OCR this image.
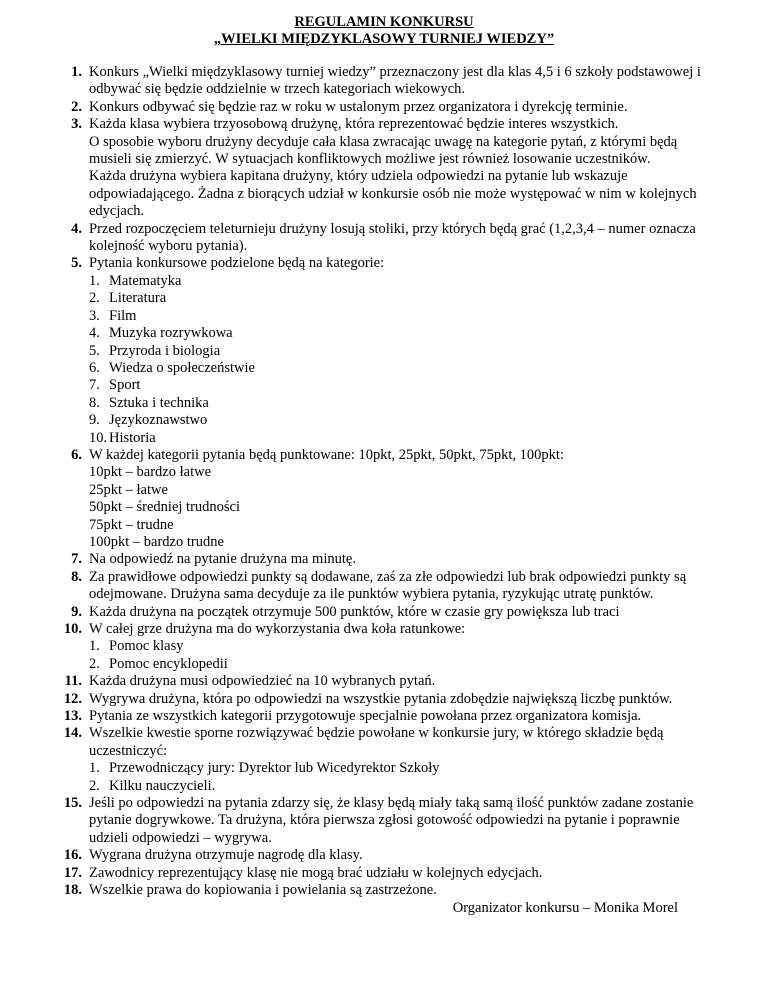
REGULAMIN KONKURSU

„WIELKI MIĘDZYKLASOWY TURNIEJ WIEDZY”

1. Konkurs „Wielki międzyklasowy turniej wiedzy” przeznaczony jest dla klas 4,5 i 6 szkoły podstawowej i odbywać się będzie oddzielnie w trzech kategoriach wiekowych.
2. Konkurs odbywać się będzie raz w roku w ustalonym przez organizatora i dyrekcję terminie.
3. Każda klasa wybiera trzyosobową drużynę, która reprezentować będzie interes wszystkich.
O sposobie wyboru drużyny decyduje cała klasa zwracając uwagę na kategorie pytań, z którymi będą musieli się zmierzyć. W sytuacjach konfliktowych możliwe jest również losowanie uczestników.
Każda drużyna wybiera kapitana drużyny, który udziela odpowiedzi na pytanie lub wskazuje odpowiadającego. Żadna z biorących udział w konkursie osób nie może występować w nim w kolejnych edycjach.
4. Przed rozpoczęciem teleturnieju drużyny losują stoliki, przy których będą grać (1,2,3,4 – numer oznacza kolejność wyboru pytania).
5. Pytania konkursowe podzielone będą na kategorie:
1. Matematyka
2. Literatura
3. Film
4. Muzyka rozrywkowa
5. Przyroda i biologia
6. Wiedza o społeczeństwie
7. Sport
8. Sztuka i technika
9. Językoznawstwo
10. Historia
6. W każdej kategorii pytania będą punktowane: 10pkt, 25pkt, 50pkt, 75pkt, 100pkt:
10pkt – bardzo łatwe
25pkt – łatwe
50pkt – średniej trudności
75pkt – trudne
100pkt – bardzo trudne
7. Na odpowiedź na pytanie drużyna ma minutę.
8. Za prawidłowe odpowiedzi punkty są dodawane, zaś za złe odpowiedzi lub brak odpowiedzi punkty są odejmowane. Drużyna sama decyduje za ile punktów wybiera pytania, ryzykując utratę punktów.
9. Każda drużyna na początek otrzymuje 500 punktów, które w czasie gry powiększa lub traci
10. W całej grze drużyna ma do wykorzystania dwa koła ratunkowe:
1. Pomoc klasy
2. Pomoc encyklopedii
11. Każda drużyna musi odpowiedzieć na 10 wybranych pytań.
12. Wygrywa drużyna, która po odpowiedzi na wszystkie pytania zdobędzie największą liczbę punktów.
13. Pytania ze wszystkich kategorii przygotowuje specjalnie powołana przez organizatora komisja.
14. Wszelkie kwestie sporne rozwiązywać będzie powołane w konkursie jury, w którego składzie będą uczestniczyć:
1. Przewodniczący jury: Dyrektor lub Wicedyrektor Szkoły
2. Kilku nauczycieli.
15. Jeśli po odpowiedzi na pytania zdarzy się, że klasy będą miały taką samą ilość punktów zadane zostanie pytanie dogrywkowe. Ta drużyna, która pierwsza zgłosi gotowość odpowiedzi na pytanie i poprawnie udzieli odpowiedzi – wygrywa.
16. Wygrana drużyna otrzymuje nagrodę dla klasy.
17. Zawodnicy reprezentujący klasę nie mogą brać udziału w kolejnych edycjach.
18. Wszelkie prawa do kopiowania i powielania są zastrzeżone.
Organizator konkursu – Monika Morel
